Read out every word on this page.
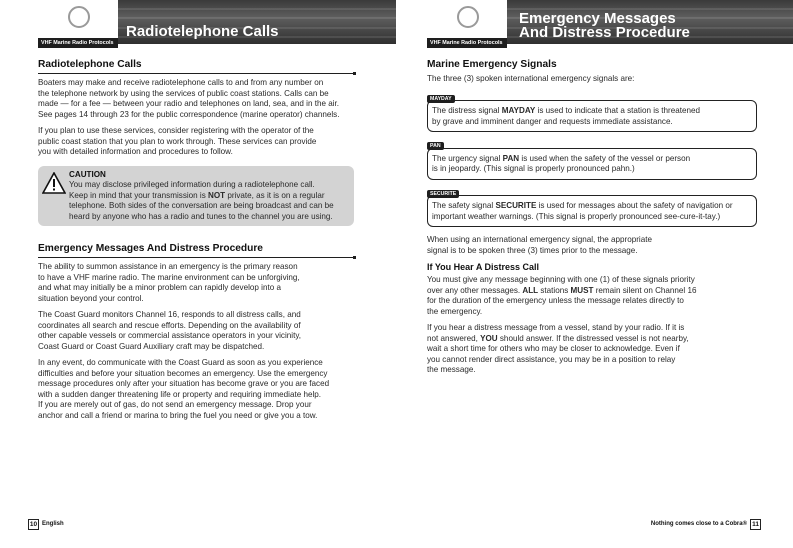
VHF Marine Radio Protocols
Radiotelephone Calls
Radiotelephone Calls

Boaters may make and receive radiotelephone calls to and from any number on
the telephone network by using the services of public coast stations. Calls can be
made — for a fee — between your radio and telephones on land, sea, and in the air.
See pages 14 through 23 for the public correspondence (marine operator) channels.

If you plan to use these services, consider registering with the operator of the
public coast station that you plan to work through. These services can provide
you with detailed information and procedures to follow.

CAUTION
You may disclose privileged information during a radiotelephone call.
Keep in mind that your transmission is NOT private, as it is on a regular
telephone. Both sides of the conversation are being broadcast and can be
heard by anyone who has a radio and tunes to the channel you are using.
Emergency Messages And Distress Procedure

The ability to summon assistance in an emergency is the primary reason
to have a VHF marine radio. The marine environment can be unforgiving,
and what may initially be a minor problem can rapidly develop into a
situation beyond your control.

The Coast Guard monitors Channel 16, responds to all distress calls, and
coordinates all search and rescue efforts. Depending on the availability of
other capable vessels or commercial assistance operators in your vicinity,
Coast Guard or Coast Guard Auxiliary craft may be dispatched.

In any event, do communicate with the Coast Guard as soon as you experience
difficulties and before your situation becomes an emergency. Use the emergency
message procedures only after your situation has become grave or you are faced
with a sudden danger threatening life or property and requiring immediate help.
If you are merely out of gas, do not send an emergency message. Drop your
anchor and call a friend or marina to bring the fuel you need or give you a tow.

10 English
VHF Marine Radio Protocols
Emergency Messages
And Distress Procedure
Marine Emergency Signals

The three (3) spoken international emergency signals are:

MAYDAY
The distress signal MAYDAY is used to indicate that a station is threatened
by grave and imminent danger and requests immediate assistance.
PAN
The urgency signal PAN is used when the safety of the vessel or person
is in jeopardy. (This signal is properly pronounced pahn.)
SECURITE
The safety signal SECURITE is used for messages about the safety of navigation or
important weather warnings. (This signal is properly pronounced see-cure-it-tay.)

When using an international emergency signal, the appropriate
signal is to be spoken three (3) times prior to the message.

If You Hear A Distress Call

You must give any message beginning with one (1) of these signals priority
over any other messages. ALL stations MUST remain silent on Channel 16
for the duration of the emergency unless the message relates directly to
the emergency.

If you hear a distress message from a vessel, stand by your radio. If it is
not answered, YOU should answer. If the distressed vessel is not nearby,
wait a short time for others who may be closer to acknowledge. Even if
you cannot render direct assistance, you may be in a position to relay
the message.

Nothing comes close to a Cobra® 11
